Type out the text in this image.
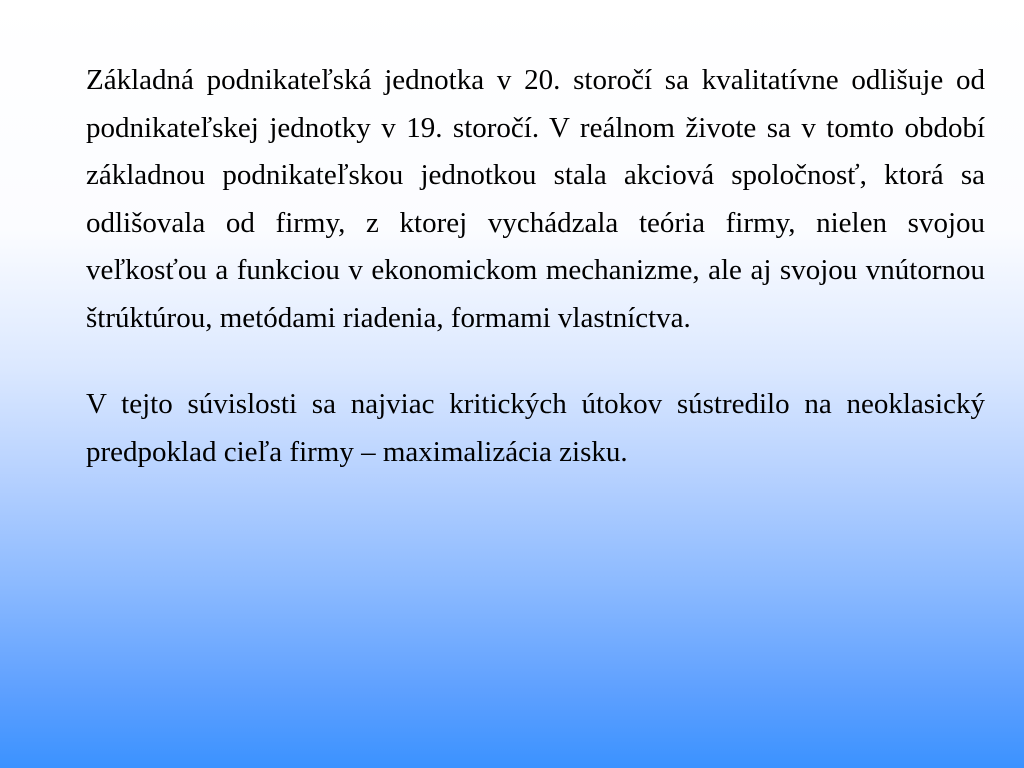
Základná podnikateľská jednotka v 20. storočí sa kvalitatívne odlišuje od podnikateľskej jednotky v 19. storočí. V reálnom živote sa v tomto období základnou podnikateľskou jednotkou stala akciová spoločnosť, ktorá sa odlišovala od firmy, z ktorej vychádzala teória firmy, nielen svojou veľkosťou a funkciou v ekonomickom mechanizme, ale aj svojou vnútornou štrúktúrou, metódami riadenia, formami vlastníctva.

V tejto súvislosti sa najviac kritických útokov sústredilo na neoklasický predpoklad cieľa firmy – maximalizácia zisku.
